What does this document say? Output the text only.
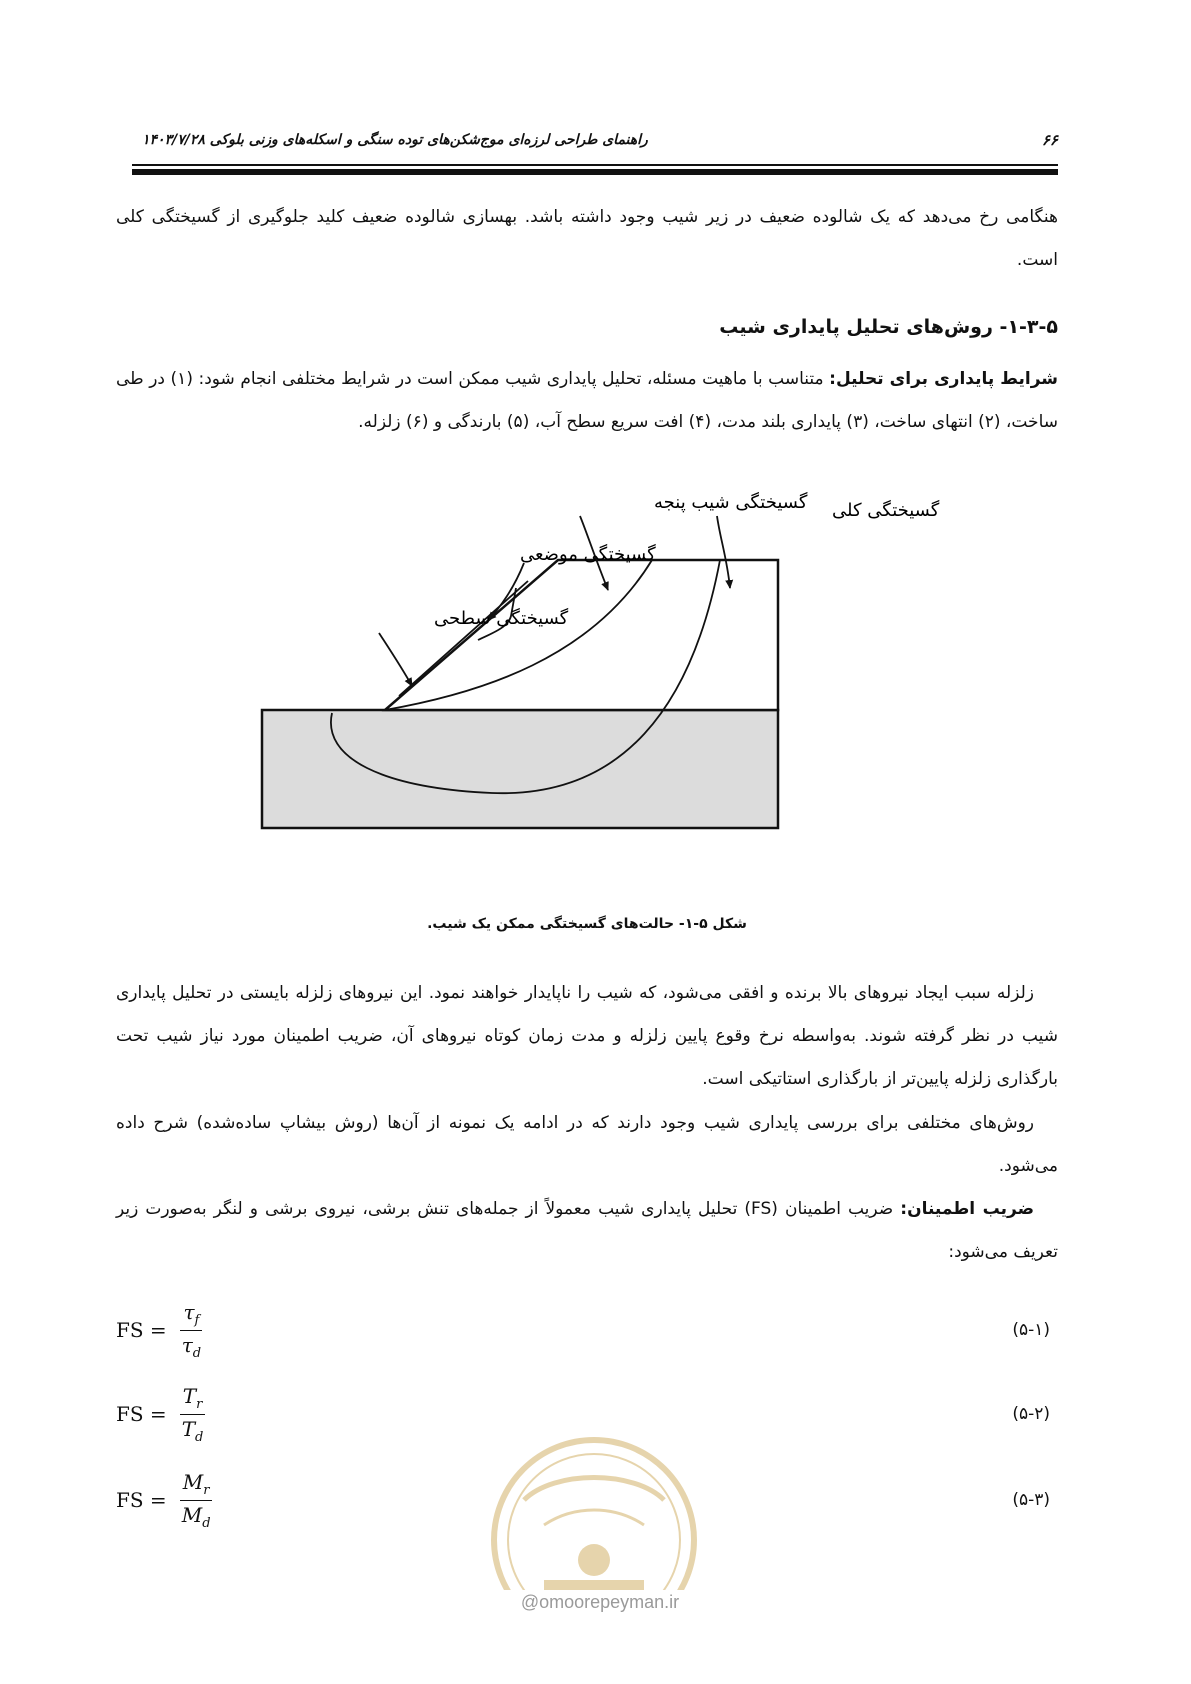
۶۶
راهنمای طراحی لرزه‌ای موج‌شکن‌های توده سنگی و اسکله‌های وزنی بلوکی ۱۴۰۳/۷/۲۸

هنگامی رخ می‌دهد که یک شالوده ضعیف در زیر شیب وجود داشته باشد. بهسازی شالوده ضعیف کلید جلوگیری از گسیختگی کلی است.

۱-۳-۵- روش‌های تحلیل پایداری شیب

شرایط پایداری برای تحلیل: متناسب با ماهیت مسئله، تحلیل پایداری شیب ممکن است در شرایط مختلفی انجام شود: (۱) در طی ساخت، (۲) انتهای ساخت، (۳) پایداری بلند مدت، (۴) افت سریع سطح آب، (۵) بارندگی و (۶) زلزله.

گسیختگی شیب پنجه گسیختگی کلی
گسیختگی موضعی
گسیختگی سطحی
شکل ۵-۱- حالت‌های گسیختگی ممکن یک شیب.

زلزله سبب ایجاد نیروهای بالا برنده و افقی می‌شود، که شیب را ناپایدار خواهند نمود. این نیروهای زلزله بایستی در تحلیل پایداری شیب در نظر گرفته شوند. به‌واسطه نرخ وقوع پایین زلزله و مدت زمان کوتاه نیروهای آن، ضریب اطمینان مورد نیاز شیب تحت بارگذاری زلزله پایین‌تر از بارگذاری استاتیکی است.

روش‌های مختلفی برای بررسی پایداری شیب وجود دارند که در ادامه یک نمونه از آن‌ها (روش بیشاپ ساده‌شده) شرح داده می‌شود.

ضریب اطمینان: ضریب اطمینان (FS) تحلیل پایداری شیب معمولاً از جمله‌های تنش برشی، نیروی برشی و لنگر به‌صورت زیر تعریف می‌شود:

FS = $\frac{\tau_f}{\tau_d}$	(۵-۱)
FS = $\frac{T_r}{T_d}$	(۵-۲)
FS = $\frac{M_r}{M_d}$	(۵-۳)
@omoorepeyman.ir
